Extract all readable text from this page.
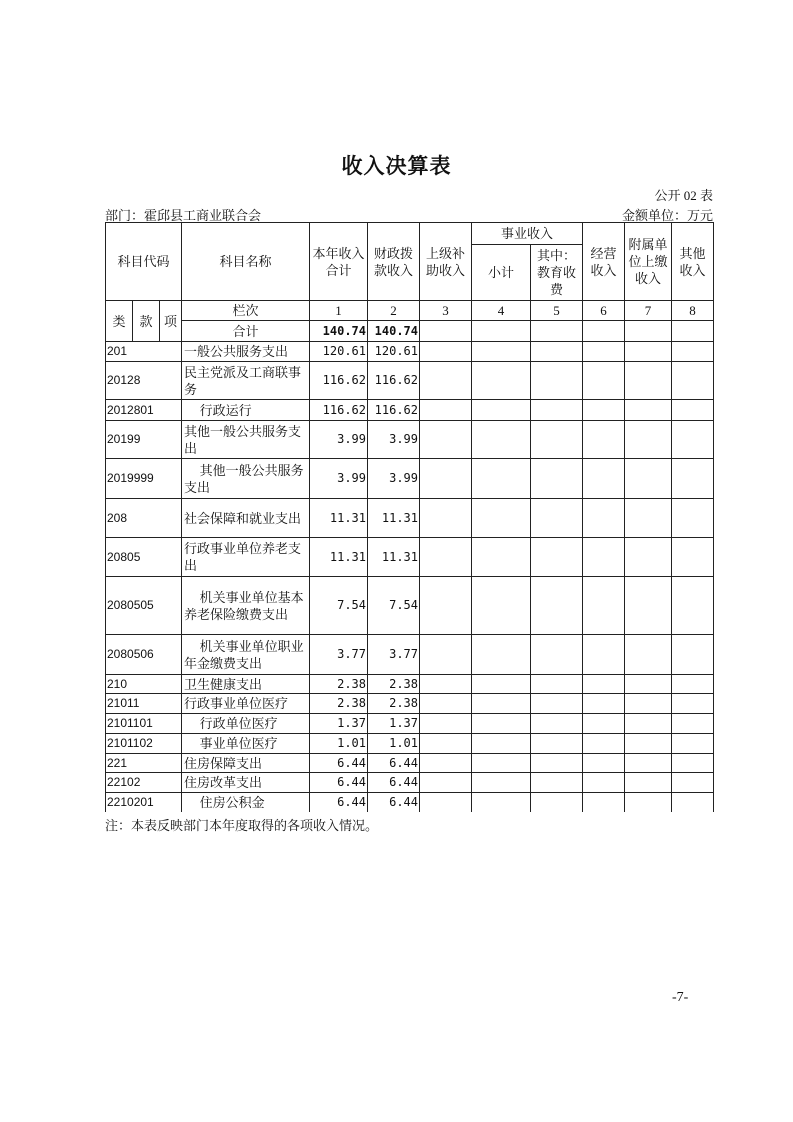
收入决算表
公开 02 表
部门：霍邱县工商业联合会	金额单位：万元
科目代码			科目名称	本年收入合计	财政拨款收入	上级补助收入	事业收入		经营收入	附属单位上缴收入	其他收入
							小计	其中：教育收费			
类	款	项	栏次	1	2	3	4	5	6	7	8
			合计	140.74	140.74						
201			一般公共服务支出	120.61	120.61						
20128			民主党派及工商联事务	116.62	116.62						
2012801			行政运行	116.62	116.62						
20199			其他一般公共服务支出	3.99	3.99						
2019999			其他一般公共服务支出	3.99	3.99						
208			社会保障和就业支出	11.31	11.31						
20805			行政事业单位养老支出	11.31	11.31						
2080505			机关事业单位基本养老保险缴费支出	7.54	7.54						
2080506			机关事业单位职业年金缴费支出	3.77	3.77						
210			卫生健康支出	2.38	2.38						
21011			行政事业单位医疗	2.38	2.38						
2101101			行政单位医疗	1.37	1.37						
2101102			事业单位医疗	1.01	1.01						
221			住房保障支出	6.44	6.44						
22102			住房改革支出	6.44	6.44						
2210201			住房公积金	6.44	6.44						
注：本表反映部门本年度取得的各项收入情况。
-7-
